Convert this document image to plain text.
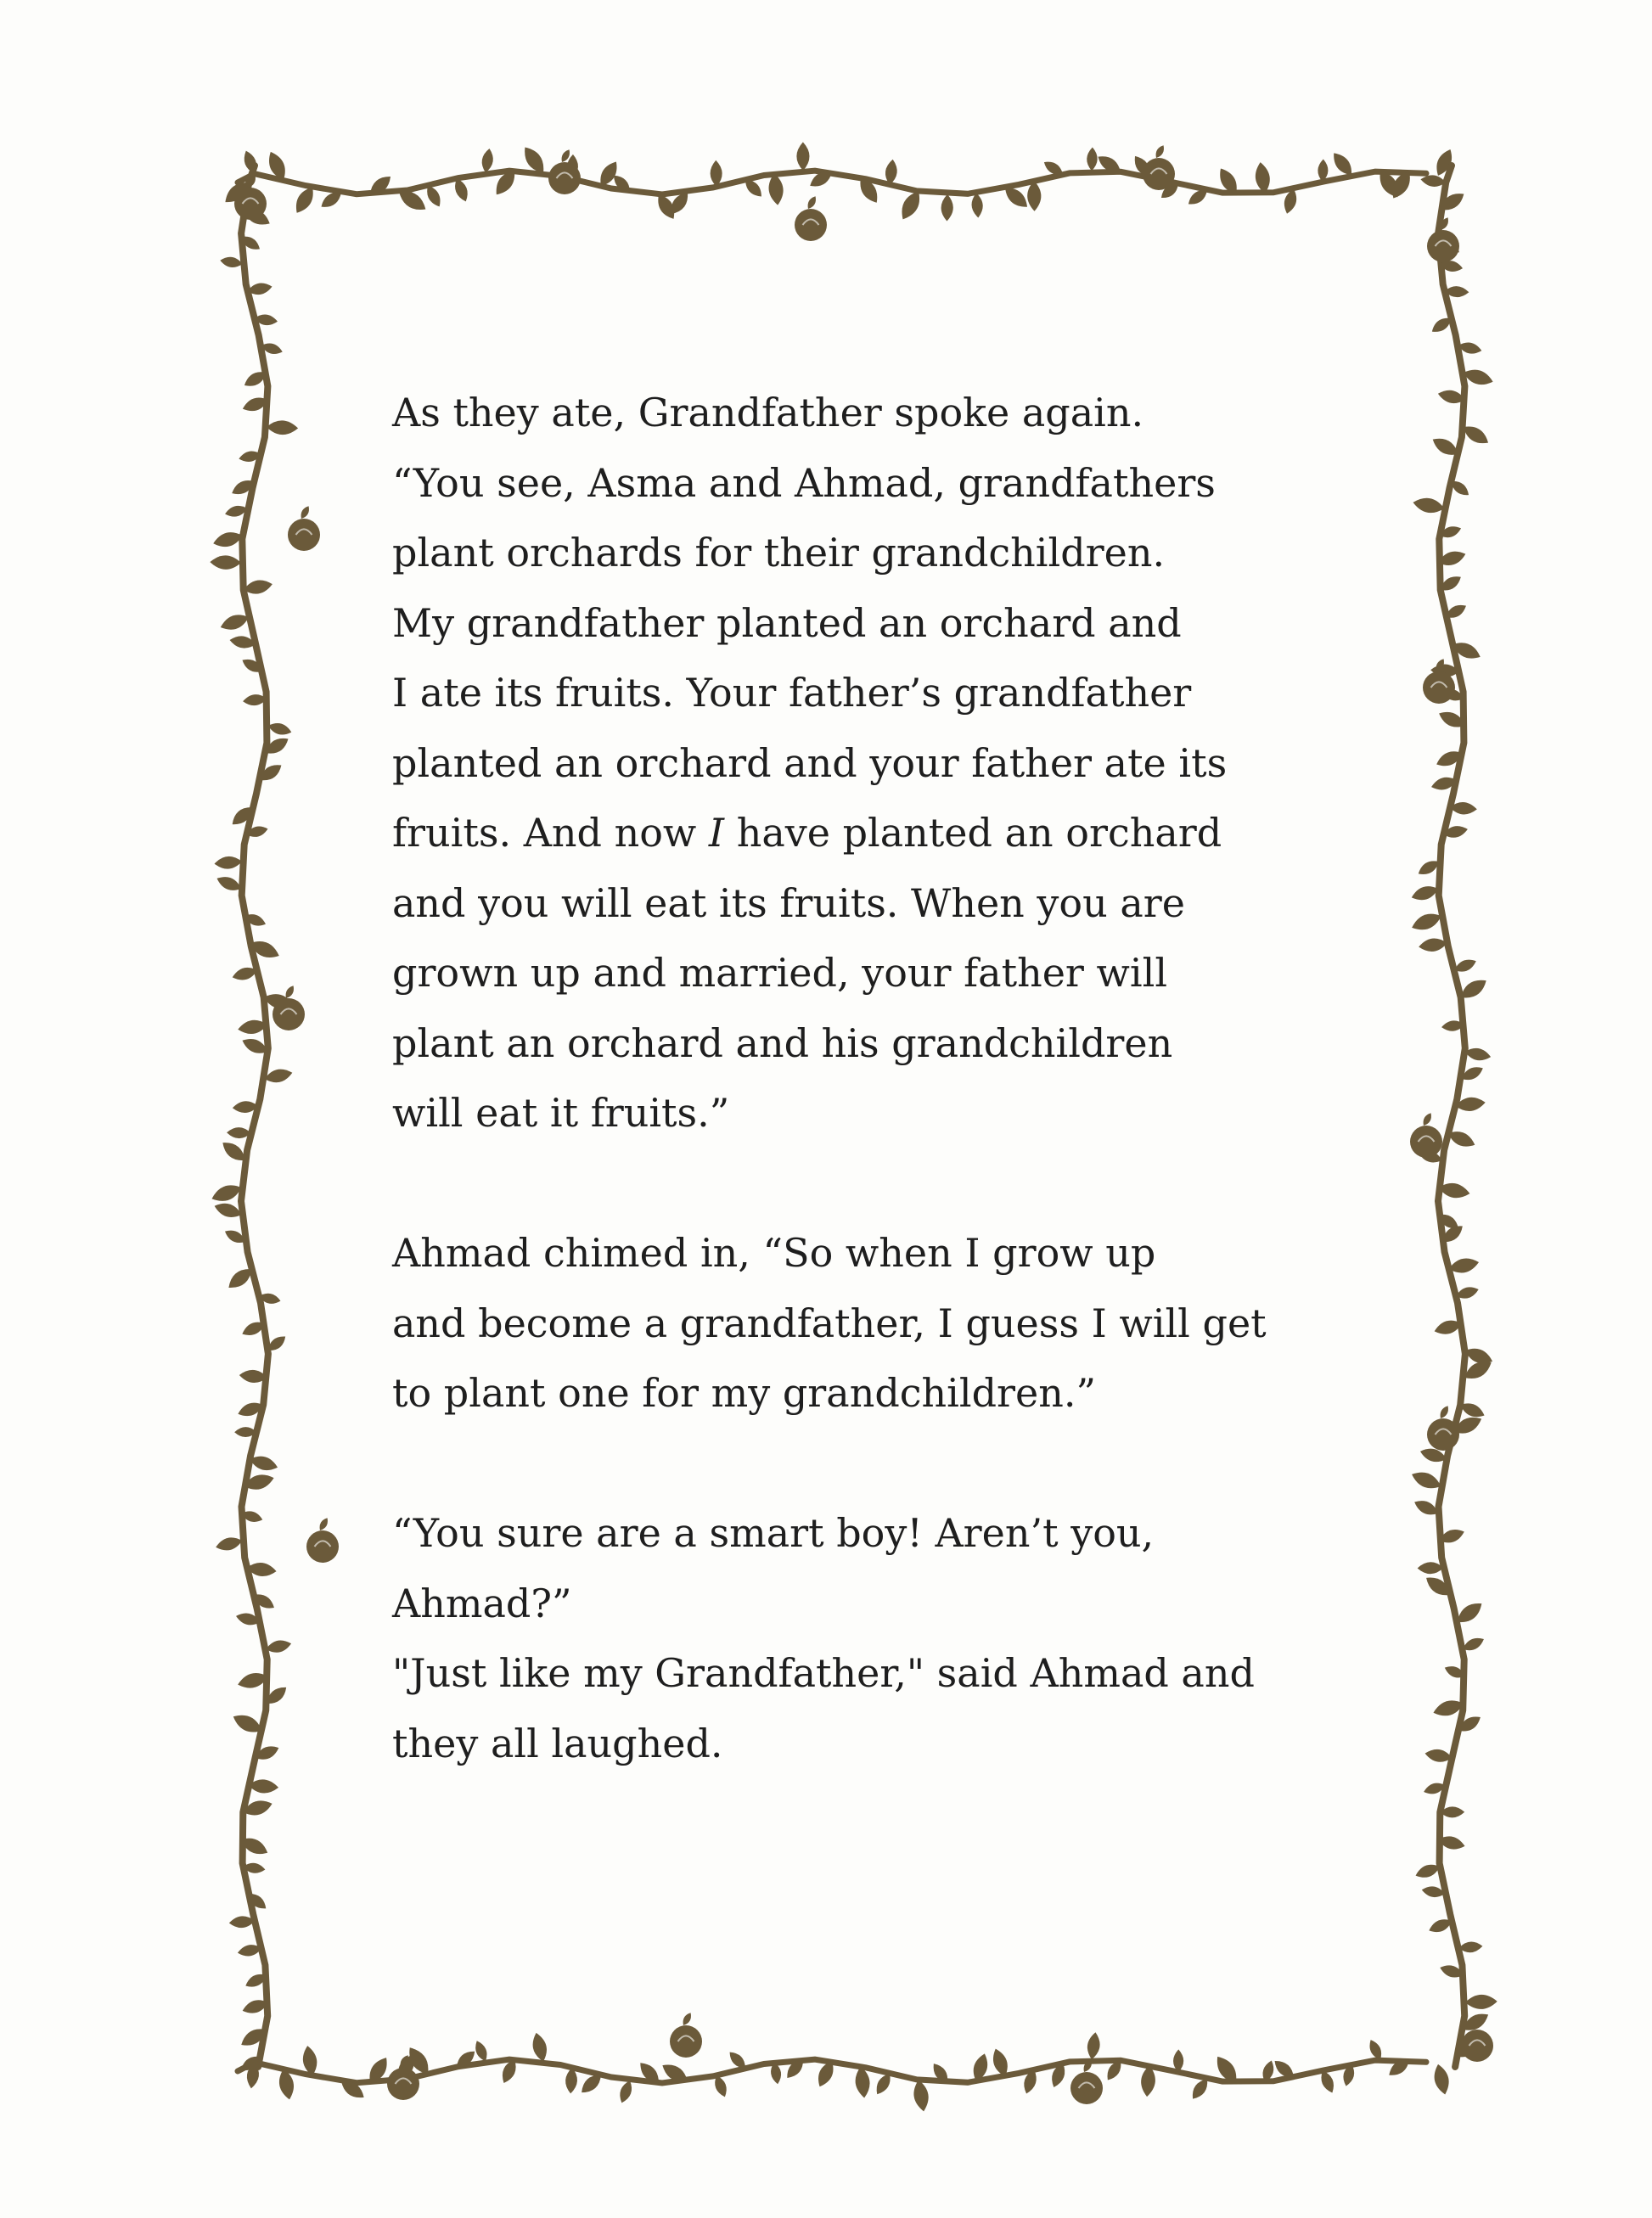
As they ate, Grandfather spoke again.
“You see, Asma and Ahmad, grandfathers
plant orchards for their grandchildren.
My grandfather planted an orchard and
I ate its fruits. Your father’s grandfather
planted an orchard and your father ate its
fruits. And now I have planted an orchard
and you will eat its fruits. When you are
grown up and married, your father will
plant an orchard and his grandchildren
will eat it fruits.”
Ahmad chimed in, “So when I grow up
and become a grandfather, I guess I will get
to plant one for my grandchildren.”
“You sure are a smart boy! Aren’t you,
Ahmad?”
"Just like my Grandfather," said Ahmad and
they all laughed.
